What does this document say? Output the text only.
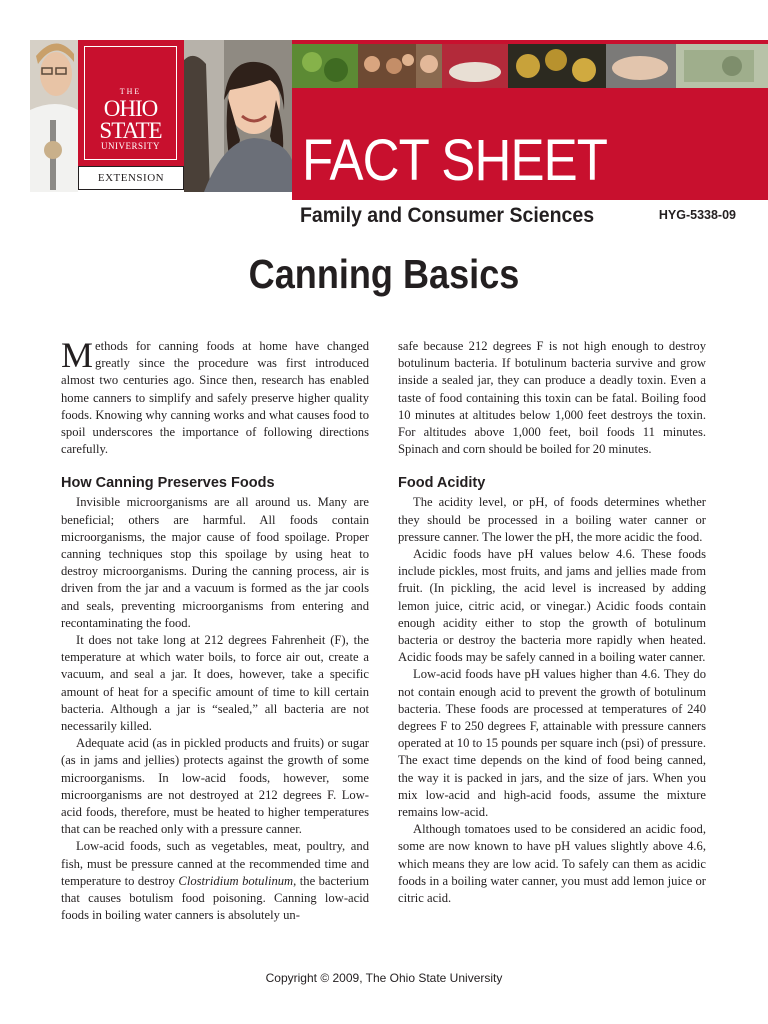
FACT SHEET
Family and Consumer Sciences
THE
OHIO
STATE
UNIVERSITY
EXTENSION
HYG-5338-09
Canning Basics

Methods for canning foods at home have changed greatly since the procedure was first introduced almost two centuries ago. Since then, research has enabled home canners to simplify and safely preserve higher quality foods. Knowing why canning works and what causes food to spoil underscores the importance of following directions carefully.

How Canning Preserves Foods

Invisible microorganisms are all around us. Many are beneficial; others are harmful. All foods contain microorganisms, the major cause of food spoilage. Proper canning techniques stop this spoilage by using heat to destroy microorganisms. During the canning process, air is driven from the jar and a vacuum is formed as the jar cools and seals, preventing microorganisms from entering and recontaminating the food.

It does not take long at 212 degrees Fahrenheit (F), the temperature at which water boils, to force air out, create a vacuum, and seal a jar. It does, however, take a specific amount of heat for a specific amount of time to kill certain bacteria. Although a jar is “sealed,” all bacteria are not necessarily killed.

Adequate acid (as in pickled products and fruits) or sugar (as in jams and jellies) protects against the growth of some microorganisms. In low-acid foods, however, some microorganisms are not destroyed at 212 degrees F. Low-acid foods, therefore, must be heated to higher temperatures that can be reached only with a pressure canner.

Low-acid foods, such as vegetables, meat, poultry, and fish, must be pressure canned at the recommended time and temperature to destroy Clostridium botulinum, the bacterium that causes botulism food poisoning. Canning low-acid foods in boiling water canners is absolutely un-

safe because 212 degrees F is not high enough to destroy botulinum bacteria. If botulinum bacteria survive and grow inside a sealed jar, they can produce a deadly toxin. Even a taste of food containing this toxin can be fatal. Boiling food 10 minutes at altitudes below 1,000 feet destroys the toxin. For altitudes above 1,000 feet, boil foods 11 minutes. Spinach and corn should be boiled for 20 minutes.

Food Acidity

The acidity level, or pH, of foods determines whether they should be processed in a boiling water canner or pressure canner. The lower the pH, the more acidic the food.

Acidic foods have pH values below 4.6. These foods include pickles, most fruits, and jams and jellies made from fruit. (In pickling, the acid level is increased by adding lemon juice, citric acid, or vinegar.) Acidic foods contain enough acidity either to stop the growth of botulinum bacteria or destroy the bacteria more rapidly when heated. Acidic foods may be safely canned in a boiling water canner.

Low-acid foods have pH values higher than 4.6. They do not contain enough acid to prevent the growth of botulinum bacteria. These foods are processed at temperatures of 240 degrees F to 250 degrees F, attainable with pressure canners operated at 10 to 15 pounds per square inch (psi) of pressure. The exact time depends on the kind of food being canned, the way it is packed in jars, and the size of jars. When you mix low-acid and high-acid foods, assume the mixture remains low-acid.

Although tomatoes used to be considered an acidic food, some are now known to have pH values slightly above 4.6, which means they are low acid. To safely can them as acidic foods in a boiling water canner, you must add lemon juice or citric acid.

Copyright © 2009, The Ohio State University
